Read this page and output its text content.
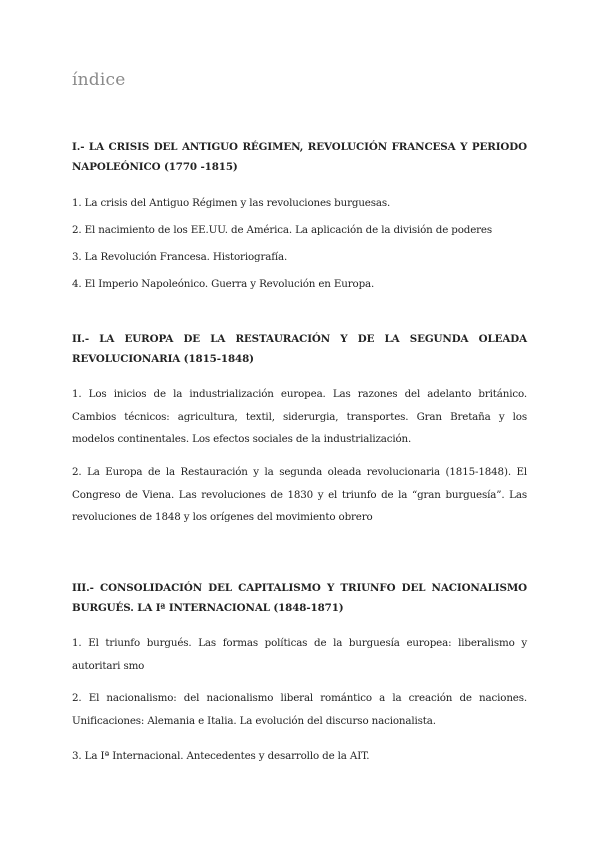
índice
I.- LA CRISIS DEL ANTIGUO RÉGIMEN, REVOLUCIÓN FRANCESA Y PERIODO NAPOLEÓNICO (1770 -1815)
1. La crisis del Antiguo Régimen y las revoluciones burguesas.
2. El nacimiento de los EE.UU. de América. La aplicación de la división de poderes
3. La Revolución Francesa. Historiografía.
4. El Imperio Napoleónico. Guerra y Revolución en Europa.
II.- LA EUROPA DE LA RESTAURACIÓN Y DE LA SEGUNDA OLEADA REVOLUCIONARIA (1815-1848)
1. Los inicios de la industrialización europea. Las razones del adelanto británico. Cambios técnicos: agricultura, textil, siderurgia, transportes. Gran Bretaña y los modelos continentales. Los efectos sociales de la industrialización.
2. La Europa de la Restauración y la segunda oleada revolucionaria (1815-1848). El Congreso de Viena. Las revoluciones de 1830 y el triunfo de la “gran burguesía”. Las revoluciones de 1848 y los orígenes del movimiento obrero
III.- CONSOLIDACIÓN DEL CAPITALISMO Y TRIUNFO DEL NACIONALISMO BURGUÉS. LA Iª INTERNACIONAL (1848-1871)
1. El triunfo burgués. Las formas políticas de la burguesía europea: liberalismo y autoritari smo
2. El nacionalismo: del nacionalismo liberal romántico a la creación de naciones. Unificaciones: Alemania e Italia. La evolución del discurso nacionalista.
3. La Iª Internacional. Antecedentes y desarrollo de la AIT.
